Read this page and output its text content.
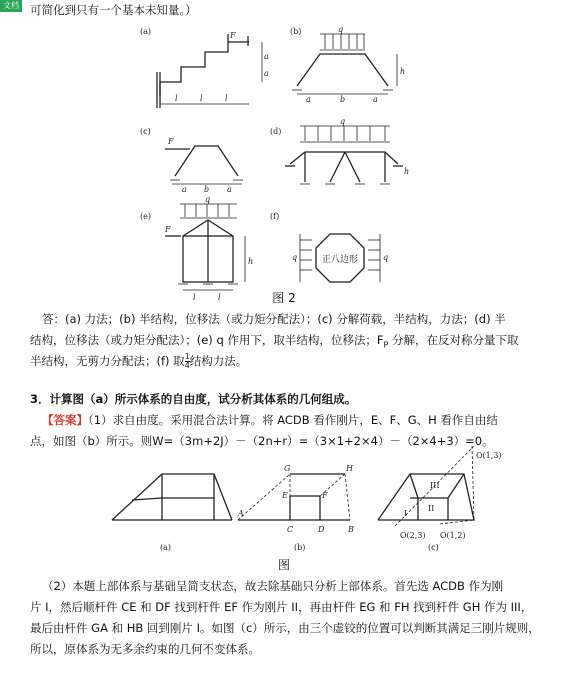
文档 可简化到只有一个基本未知量。）
(a)	(b)
(c)	(d)
(e)	(f)
q
q
q
q	q
F
F
F
l	l	l
a
a
a	b	a
h
a b a
h
l	l
h	正八边形
图 2
答：(a) 力法；(b) 半结构，位移法（或力矩分配法）；(c) 分解荷载，半结构，力法；(d) 半
结构，位移法（或力矩分配法）；(e) q 作用下，取半结构，位移法；$F_P$ 分解，在反对称分量下取
半结构，无剪力分配法；(f) 取 $\frac{1}{4}$ 结构力法。
3．计算图（a）所示体系的自由度，试分析其体系的几何组成。
【答案】（1）求自由度。采用混合法计算。将 ACDB 看作刚片，E、F、G、H 看作自由结
点，如图（b）所示。则W=（3m+2J）－（2n+r）=（3×1+2×4）－（2×4+3）=0。
(a)	(b)	(c)
G	H
E	F
A
C	D	B
I
II
III
O(1,3)
O(2,3) O(1,2)
图
（2）本题上部体系与基础呈简支状态，故去除基础只分析上部体系。首先选 ACDB 作为刚
片 I，然后顺杆件 CE 和 DF 找到杆件 EF 作为刚片 II，再由杆件 EG 和 FH 找到杆件 GH 作为 III，
最后由杆件 GA 和 HB 回到刚片 I。如图（c）所示，由三个虚铰的位置可以判断其满足三刚片规则，
所以，原体系为无多余约束的几何不变体系。
